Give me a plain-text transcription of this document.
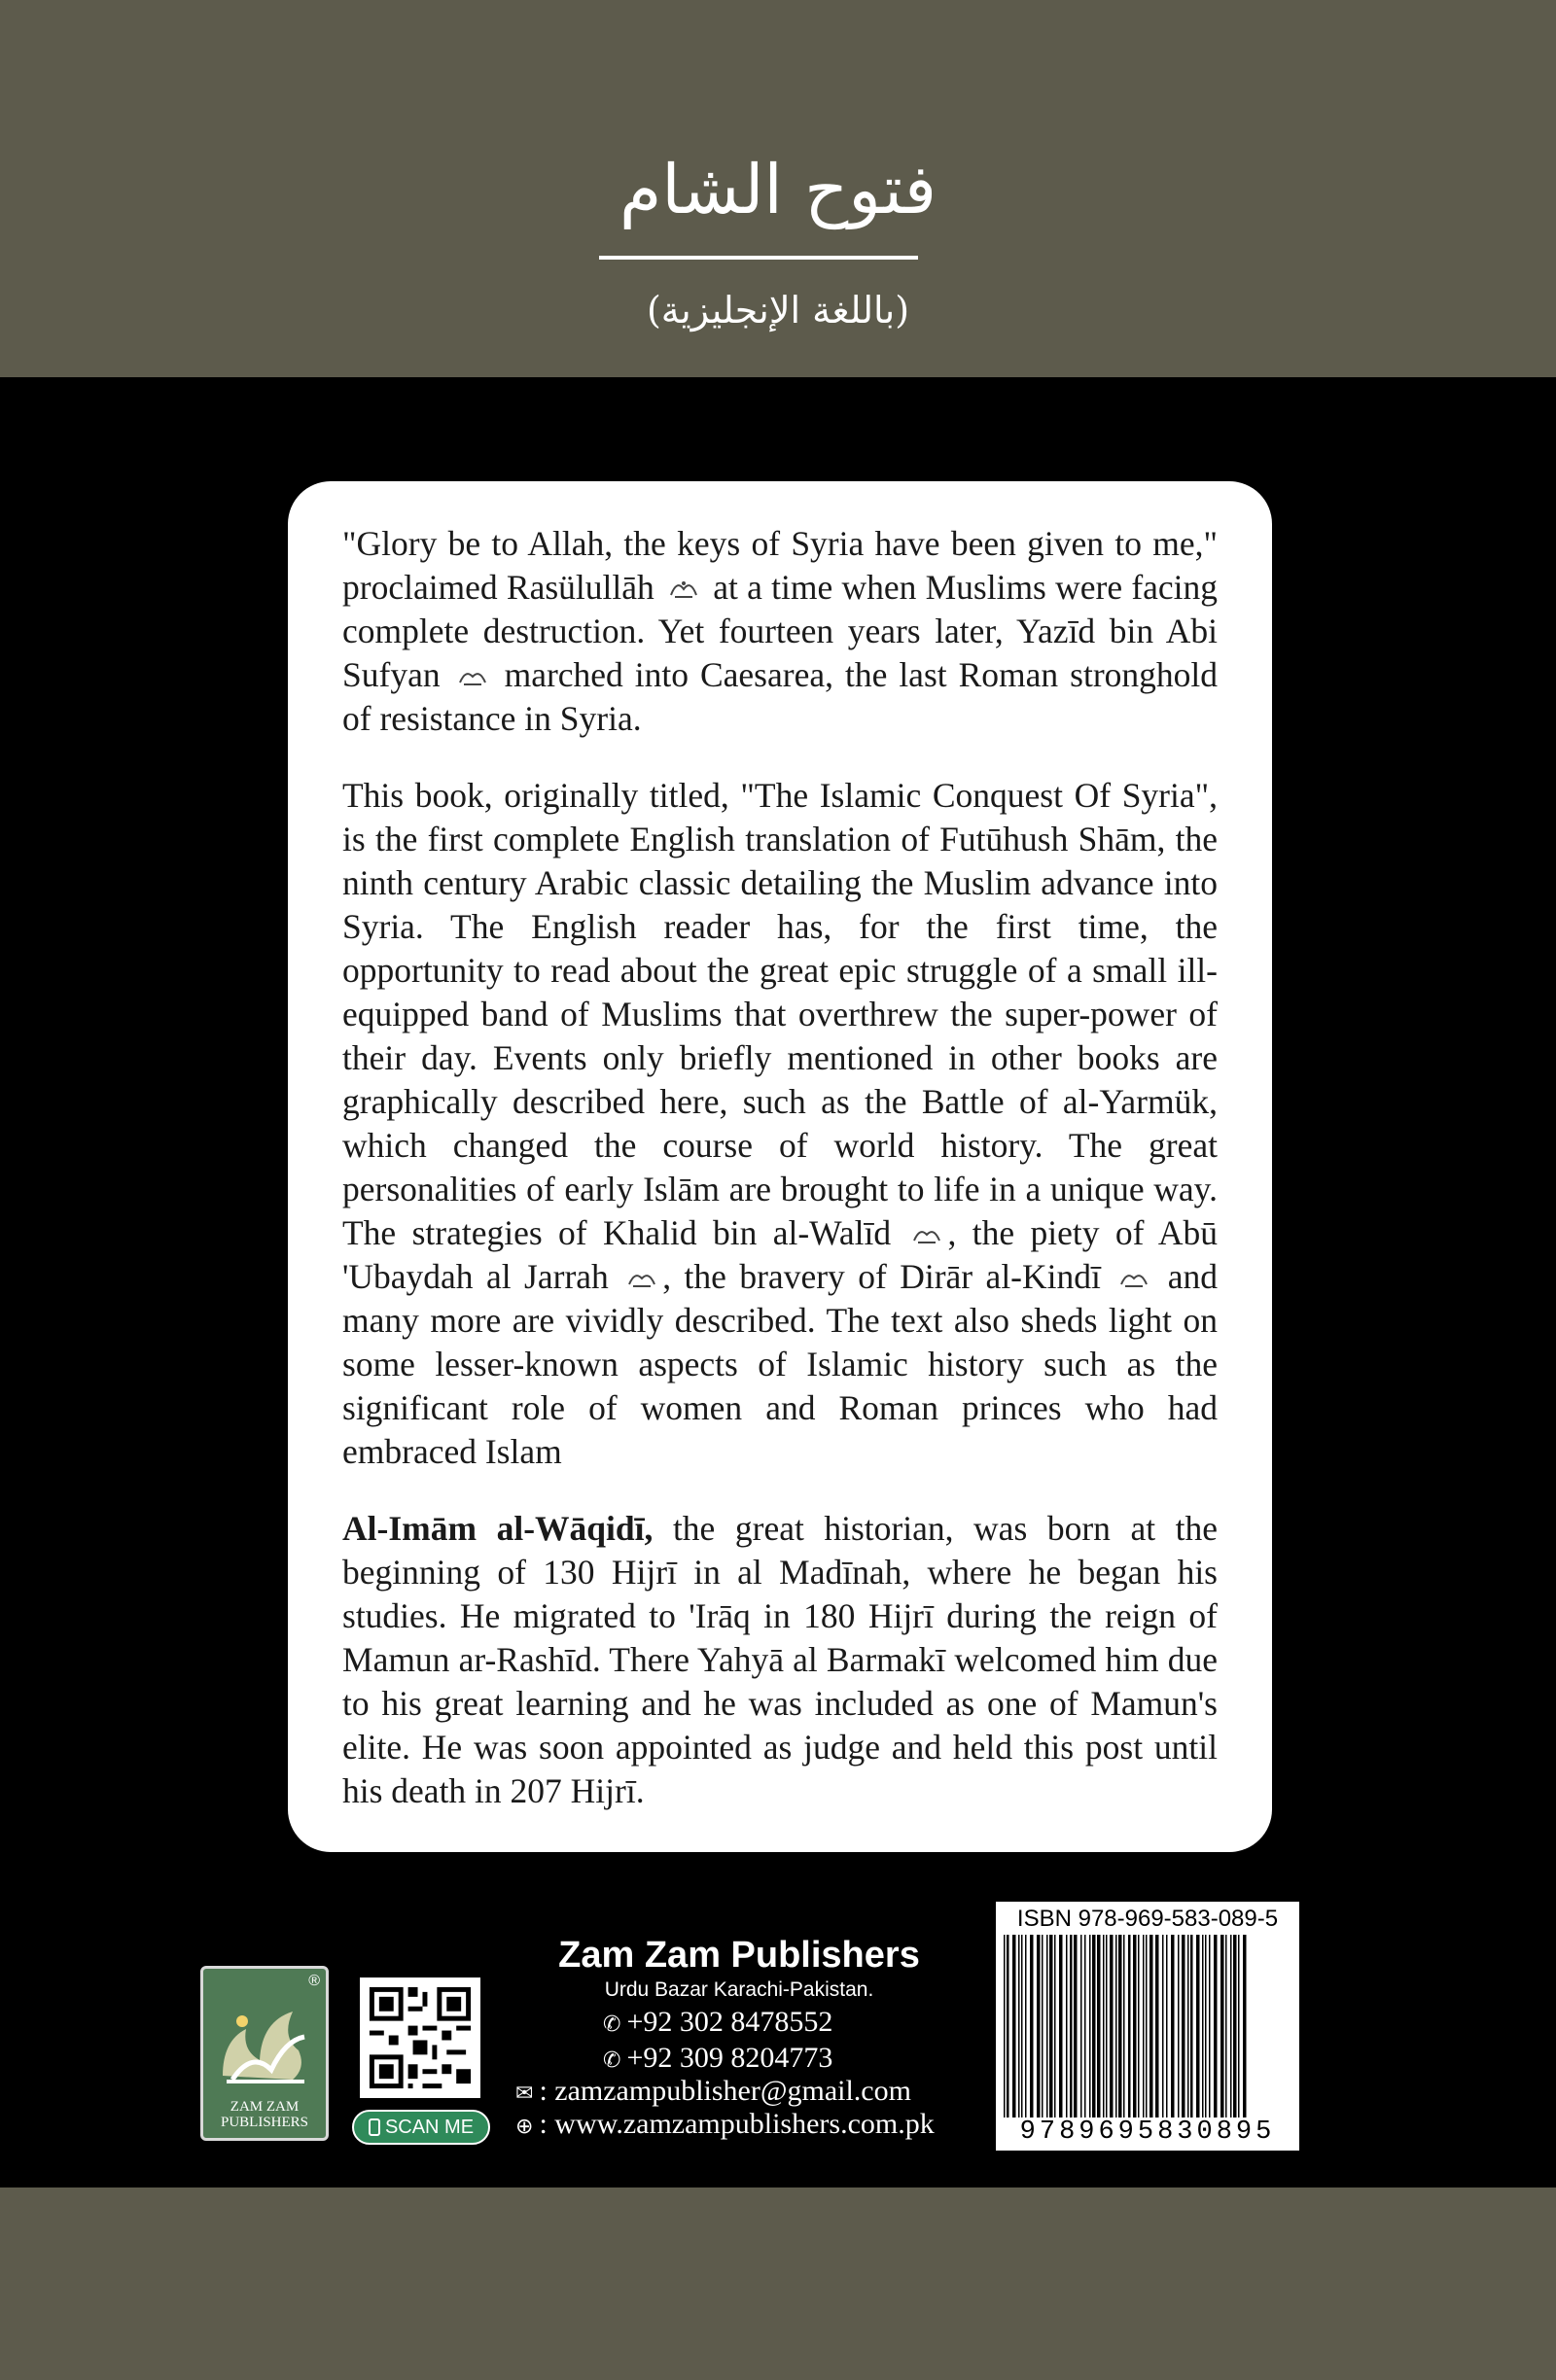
فتوح الشام
(باللغة الإنجليزية)

"Glory be to Allah, the keys of Syria have been given to me," proclaimed Rasülullāh at a time when Muslims were facing complete destruction. Yet fourteen years later, Yazīd bin Abi Sufyan marched into Caesarea, the last Roman stronghold of resistance in Syria.

This book, originally titled, "The Islamic Conquest Of Syria", is the first complete English translation of Futūhush Shām, the ninth century Arabic classic detailing the Muslim advance into Syria. The English reader has, for the first time, the opportunity to read about the great epic struggle of a small ill-equipped band of Muslims that overthrew the super-power of their day. Events only briefly mentioned in other books are graphically described here, such as the Battle of al-Yarmük, which changed the course of world history. The great personalities of early Islām are brought to life in a unique way. The strategies of Khalid bin al-Walīd , the piety of Abū 'Ubaydah al Jarrah , the bravery of Dirār al-Kindī and many more are vividly described. The text also sheds light on some lesser-known aspects of Islamic history such as the significant role of women and Roman princes who had embraced Islam

Al-Imām al-Wāqidī, the great historian, was born at the beginning of 130 Hijrī in al Madīnah, where he began his studies. He migrated to 'Irāq in 180 Hijrī during the reign of Mamun ar-Rashīd. There Yahyā al Barmakī welcomed him due to his great learning and he was included as one of Mamun's elite. He was soon appointed as judge and held this post until his death in 207 Hijrī.

®
ZAM ZAM PUBLISHERS	SCAN ME
Zam Zam Publishers
Urdu Bazar Karachi-Pakistan.
✆ +92 302 8478552
✆ +92 309 8204773
✉ : zamzampublisher@gmail.com
⊕ : www.zamzampublishers.com.pk
ISBN 978-969-583-089-5
9789695830895
